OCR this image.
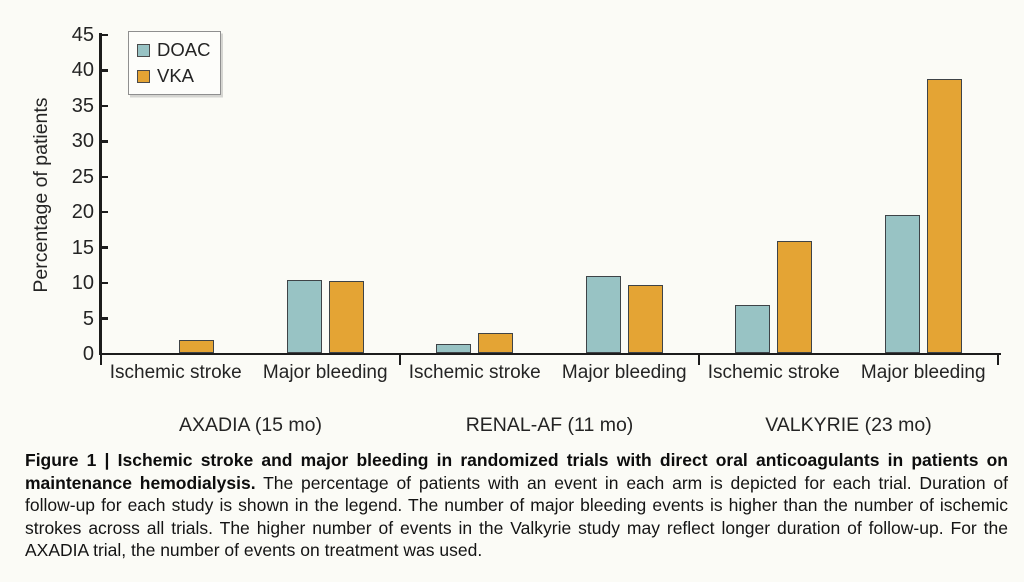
Percentage of patients
DOAC
VKA
0
5
10
15
20
25
30
35
40
45
Ischemic stroke	Major bleeding
AXADIA (15 mo)
Ischemic stroke	Major bleeding
RENAL-AF (11 mo)
Ischemic stroke	Major bleeding
VALKYRIE (23 mo)

Figure 1 | Ischemic stroke and major bleeding in randomized trials with direct oral anticoagulants in patients on maintenance hemodialysis. The percentage of patients with an event in each arm is depicted for each trial. Duration of follow-up for each study is shown in the legend. The number of major bleeding events is higher than the number of ischemic strokes across all trials. The higher number of events in the Valkyrie study may reflect longer duration of follow-up. For the AXADIA trial, the number of events on treatment was used.
